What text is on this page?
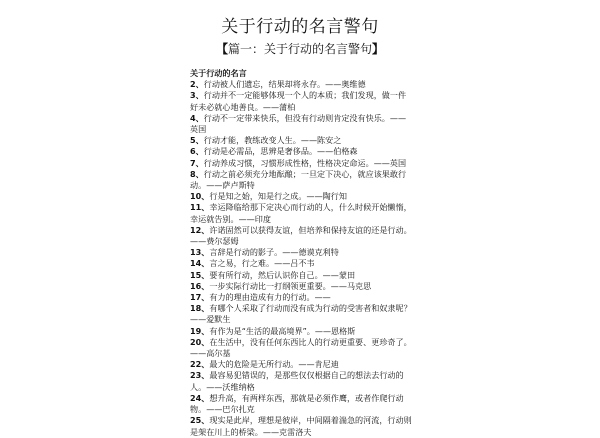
关于行动的名言警句
【篇一：关于行动的名言警句】

关于行动的名言

2、行动被人们遗忘，结果却将永存。——奥维德

3、行动并不一定能够体现一个人的本质；我们发现，做一件好未必就心地善良。——蒲柏

4、行动不一定带来快乐，但没有行动则肯定没有快乐。——英国

5、行动才能，教练改变人生。——陈安之

6、行动是必需品，思辨是奢侈品。——伯格森

7、行动养成习惯，习惯形成性格，性格决定命运。——英国

8、行动之前必须充分地酝酿；一旦定下决心，就应该果敢行动。——萨卢斯特

10、行是知之始，知是行之成。——陶行知

11、幸运降临给那下定决心而行动的人，什么时候开始懒惰，幸运就告别。——印度

12、许诺固然可以获得友谊，但培养和保持友谊的还是行动。——费尔瑟姆

13、言辞是行动的影子。——德谟克利特

14、言之易，行之难。——吕不韦

15、要有所行动，然后认识你自己。——蒙田

16、一步实际行动比一打纲领更重要。——马克思

17、有力的理由造成有力的行动。——

18、有哪个人采取了行动而没有成为行动的受害者和奴隶呢？——爱默生

19、有作为是“生活的最高境界”。——恩格斯

20、在生活中，没有任何东西比人的行动更重要、更珍奇了。——高尔基

22、最大的危险是无所行动。——肯尼迪

23、最容易犯错误的，是那些仅仅根据自己的想法去行动的人。——沃维纳格

24、想升高，有两样东西，那就是必须作鹰，或者作爬行动物。——巴尔扎克

25、现实是此岸，理想是彼岸，中间隔着湍急的河流，行动则是架在川上的桥梁。——克雷洛夫
